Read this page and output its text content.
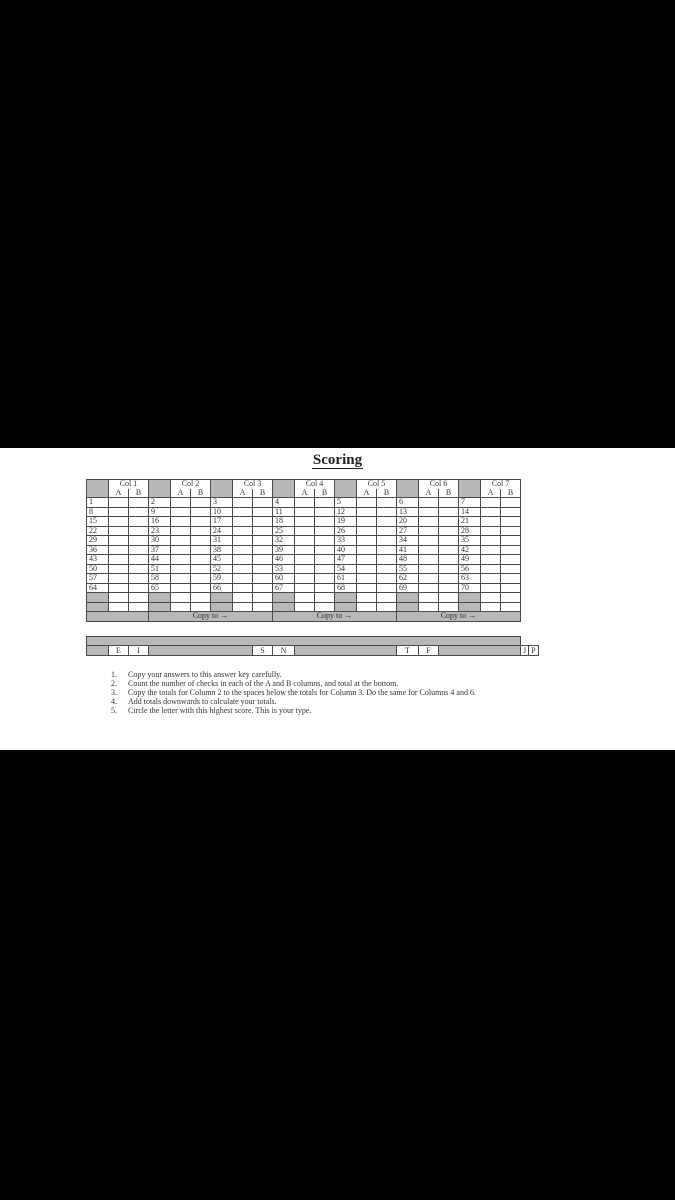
Scoring
	Col 1			Col 2			Col 3			Col 4			Col 5			Col 6			Col 7	
	A	B		A	B		A	B		A	B		A	B		A	B		A	B
1			2			3			4			5			6			7		
8			9			10			11			12			13			14		
15			16			17			18			19			20			21		
22			23			24			25			26			27			28		
29			30			31			32			33			34			35		
36			37			38			39			40			41			42		
43			44			45			46			47			48			49		
50			51			52			53			54			55			56		
57			58			59			60			61			62			63		
64			65			66			67			68			69			70		

			Copy to →						Copy to →						Copy to →					

	E	I		S	N		T	F		J	P
1.	Copy your answers to this answer key carefully.
2.	Count the number of checks in each of the A and B columns, and total at the bottom.
3.	Copy the totals for Column 2 to the spaces below the totals for Column 3. Do the same for Columns 4 and 6.
4.	Add totals downwards to calculate your totals.
5.	Circle the letter with this highest score. This is your type.
